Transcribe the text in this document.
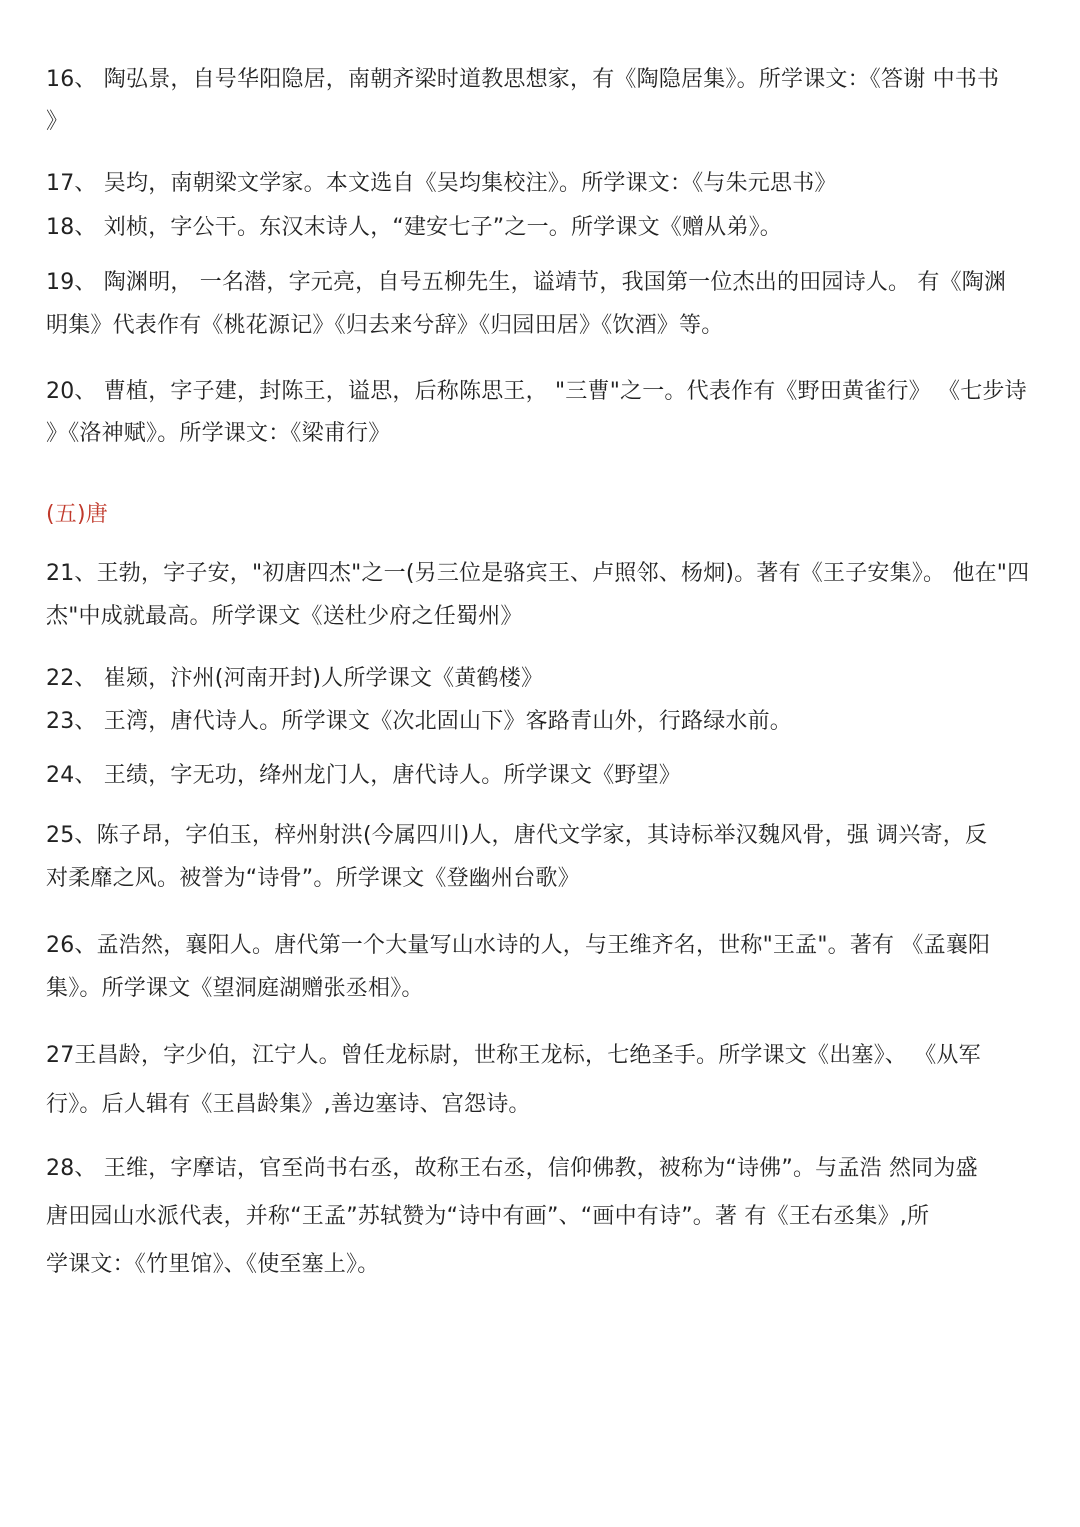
16、 陶弘景，自号华阳隐居，南朝齐梁时道教思想家，有《陶隐居集》。所学课文：《答谢 中书书
》
17、 吴均，南朝梁文学家。本文选自《吴均集校注》。所学课文：《与朱元思书》
18、 刘桢，字公干。东汉末诗人，“建安七子”之一。所学课文《赠从弟》。
19、 陶渊明， 一名潜，字元亮，自号五柳先生，谥靖节，我国第一位杰出的田园诗人。 有《陶渊
明集》代表作有《桃花源记》《归去来兮辞》《归园田居》《饮酒》等。
20、 曹植，字子建，封陈王，谥思，后称陈思王， "三曹"之一。代表作有《野田黄雀行》 《七步诗
》《洛神赋》。所学课文：《梁甫行》
(五)唐
21、王勃，字子安，"初唐四杰"之一(另三位是骆宾王、卢照邻、杨炯)。著有《王子安集》。 他在"四
杰"中成就最高。所学课文《送杜少府之任蜀州》
22、 崔颎，汴州(河南开封)人所学课文《黄鹤楼》
23、 王湾，唐代诗人。所学课文《次北固山下》客路青山外，行路绿水前。
24、 王绩，字无功，绛州龙门人，唐代诗人。所学课文《野望》
25、陈子昂，字伯玉，梓州射洪(今属四川)人，唐代文学家，其诗标举汉魏风骨，强 调兴寄，反
对柔靡之风。被誉为“诗骨”。所学课文《登幽州台歌》
26、孟浩然，襄阳人。唐代第一个大量写山水诗的人，与王维齐名，世称"王孟"。著有 《孟襄阳
集》。所学课文《望洞庭湖赠张丞相》。
27王昌龄，字少伯，江宁人。曾任龙标尉，世称王龙标，七绝圣手。所学课文《出塞》、 《从军
行》。后人辑有《王昌龄集》,善边塞诗、宫怨诗。
28、 王维，字摩诘，官至尚书右丞，故称王右丞，信仰佛教，被称为“诗佛”。与孟浩 然同为盛
唐田园山水派代表，并称“王孟”苏轼赞为“诗中有画”、“画中有诗”。著 有《王右丞集》,所
学课文：《竹里馆》、《使至塞上》。
